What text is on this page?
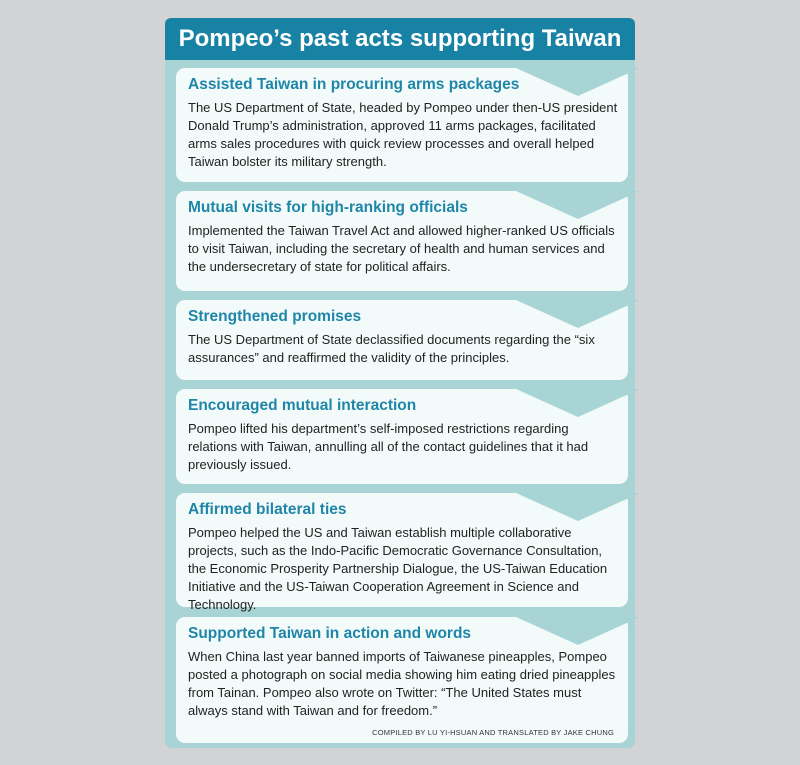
Pompeo’s past acts supporting Taiwan
Assisted Taiwan in procuring arms packages

The US Department of State, headed by Pompeo under then-US president Donald Trump’s administration, approved 11 arms packages, facilitated arms sales procedures with quick review processes and overall helped Taiwan bolster its military strength.

Mutual visits for high-ranking officials

Implemented the Taiwan Travel Act and allowed higher-ranked US officials to visit Taiwan, including the secretary of health and human services and the undersecretary of state for political affairs.

Strengthened promises

The US Department of State declassified documents regarding the “six assurances” and reaffirmed the validity of the principles.

Encouraged mutual interaction

Pompeo lifted his department’s self-imposed restrictions regarding relations with Taiwan, annulling all of the contact guidelines that it had previously issued.

Affirmed bilateral ties

Pompeo helped the US and Taiwan establish multiple collaborative projects, such as the Indo-Pacific Democratic Governance Consultation, the Economic Prosperity Partnership Dialogue, the US-Taiwan Education Initiative and the US-Taiwan Cooperation Agreement in Science and Technology.

Supported Taiwan in action and words

When China last year banned imports of Taiwanese pineapples, Pompeo posted a photograph on social media showing him eating dried pineapples from Tainan. Pompeo also wrote on Twitter: “The United States must always stand with Taiwan and for freedom.”

COMPILED BY LU YI-HSUAN AND TRANSLATED BY JAKE CHUNG
